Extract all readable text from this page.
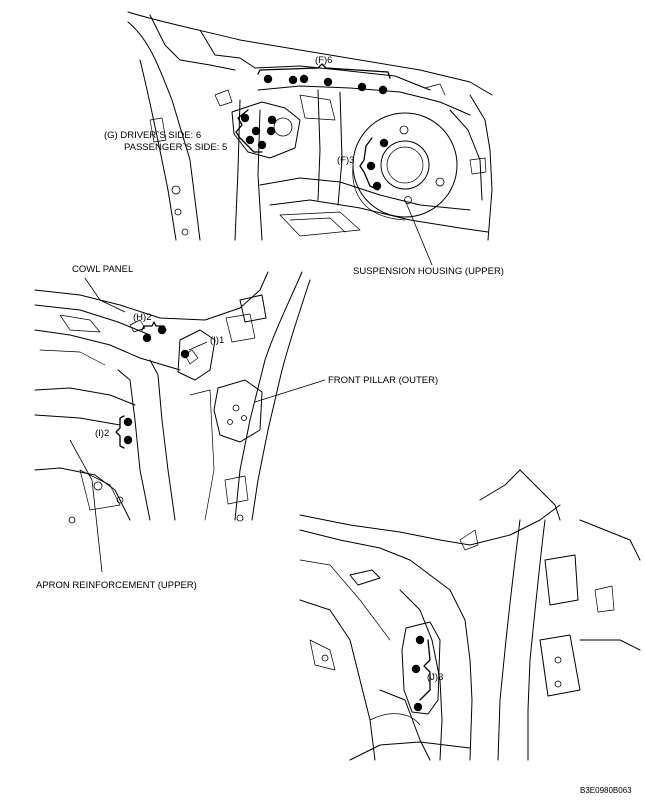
(F)6
(G) DRIVER`S SIDE: 6
PASSENGER`S SIDE: 5
(F)3
SUSPENSION HOUSING (UPPER)
COWL PANEL
(H)2
(I)1
(I)2
FRONT PILLAR (OUTER)
APRON REINFORCEMENT (UPPER)
(J)3
B3E0980B063
